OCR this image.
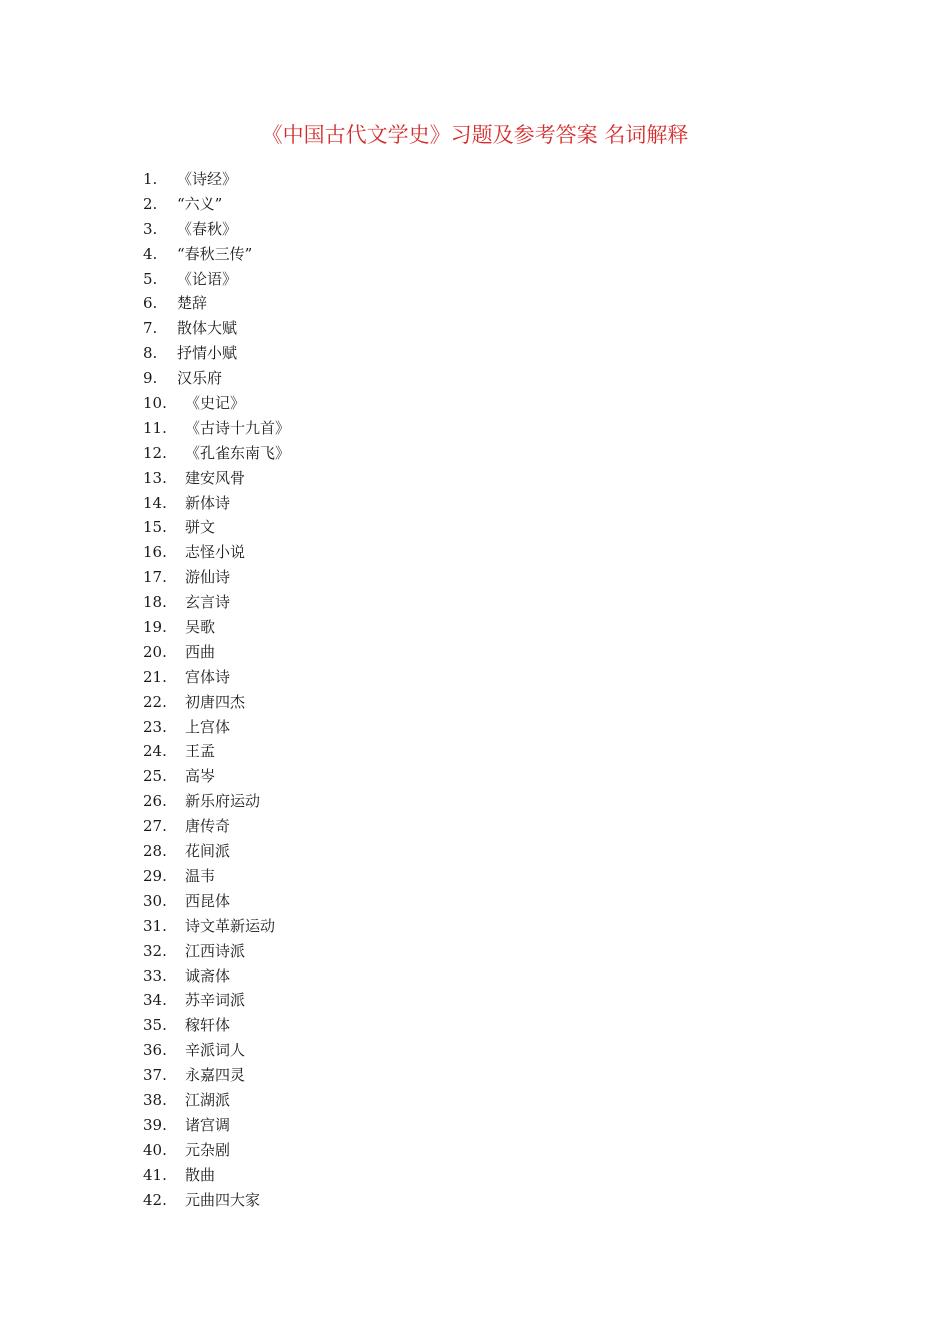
《中国古代文学史》习题及参考答案 名词解释
1.	《诗经》
2.	“六义”
3.	《春秋》
4.	“春秋三传”
5.	《论语》
6.	楚辞
7.	散体大赋
8.	抒情小赋
9.	汉乐府
10.	《史记》
11.	《古诗十九首》
12.	《孔雀东南飞》
13.	建安风骨
14.	新体诗
15.	骈文
16.	志怪小说
17.	游仙诗
18.	玄言诗
19.	吴歌
20.	西曲
21.	宫体诗
22.	初唐四杰
23.	上宫体
24.	王孟
25.	高岑
26.	新乐府运动
27.	唐传奇
28.	花间派
29.	温韦
30.	西昆体
31.	诗文革新运动
32.	江西诗派
33.	诚斋体
34.	苏辛词派
35.	稼轩体
36.	辛派词人
37.	永嘉四灵
38.	江湖派
39.	诸宫调
40.	元杂剧
41.	散曲
42.	元曲四大家
